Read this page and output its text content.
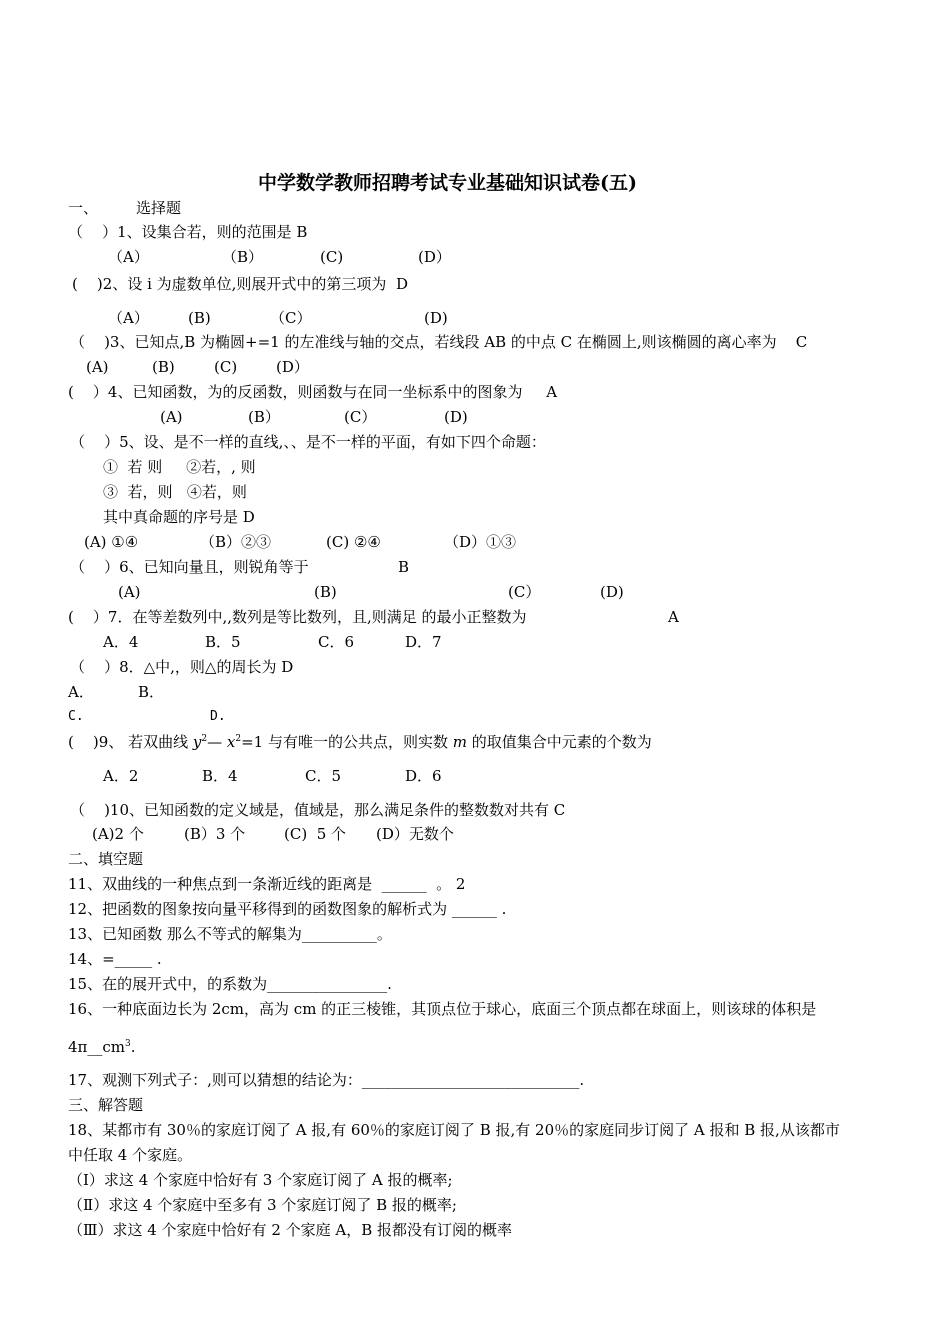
中学数学教师招聘考试专业基础知识试卷(五)
一、	选择题
（    ）1、设集合若，则的范围是 B
（A）	（B）	(C)	(D）
(    )2、设 i 为虚数单位,则展开式中的第三项为  D
（A）	(B)	（C）	(D)
（    )3、已知点,B 为椭圆+=1 的左准线与轴的交点，若线段 AB 的中点 C 在椭圆上,则该椭圆的离心率为    C
(A)	(B)	(C)	(D）
(    ）4、已知函数，为的反函数，则函数与在同一坐标系中的图象为     A
(A)	(B）	(C）	(D)
（    ）5、设、是不一样的直线,、、是不一样的平面，有如下四个命题：
①  若 则     ②若，, 则
③  若，则   ④若，则
其中真命题的序号是 D
(A) ①④	（B）②③	(C) ②④	（D）①③
（    ）6、已知向量且，则锐角等于	B
(A)	(B)	(C）	(D)
(    ）7．在等差数列中,,数列是等比数列，且,则满足 的最小正整数为	A
A．4	B．5	C．6	D．7
（    ）8．△中,，则△的周长为 D
A．	B．
C.	D.
(    )9、 若双曲线 $y^2—$ $x^2=1$ 与有唯一的公共点，则实数 m 的取值集合中元素的个数为
A．2	B．4	C．5	D．6
（    )10、已知函数的定义域是，值域是，那么满足条件的整数数对共有 C
(A)2 个	(B）3 个	(C)  5 个 (D）无数个
二、填空题
11、双曲线的一种焦点到一条渐近线的距离是  ______  。 2
12、把函数的图象按向量平移得到的函数图象的解析式为 ______ .
13、已知函数 那么不等式的解集为__________。
14、=_____ .
15、在的展开式中，的系数为________________.
16、一种底面边长为 2cm，高为 cm 的正三棱锥，其顶点位于球心，底面三个顶点都在球面上，则该球的体积是
$4\pi\_\_cm^3$.
17、观测下列式子：,则可以猜想的结论为：_____________________________.
三、解答题
18、某都市有 30％的家庭订阅了 A 报,有 60％的家庭订阅了 B 报,有 20％的家庭同步订阅了 A 报和 B 报,从该都市
中任取 4 个家庭。
（Ⅰ）求这 4 个家庭中恰好有 3 个家庭订阅了 A 报的概率;
（Ⅱ）求这 4 个家庭中至多有 3 个家庭订阅了 B 报的概率;
（Ⅲ）求这 4 个家庭中恰好有 2 个家庭 A，B 报都没有订阅的概率
